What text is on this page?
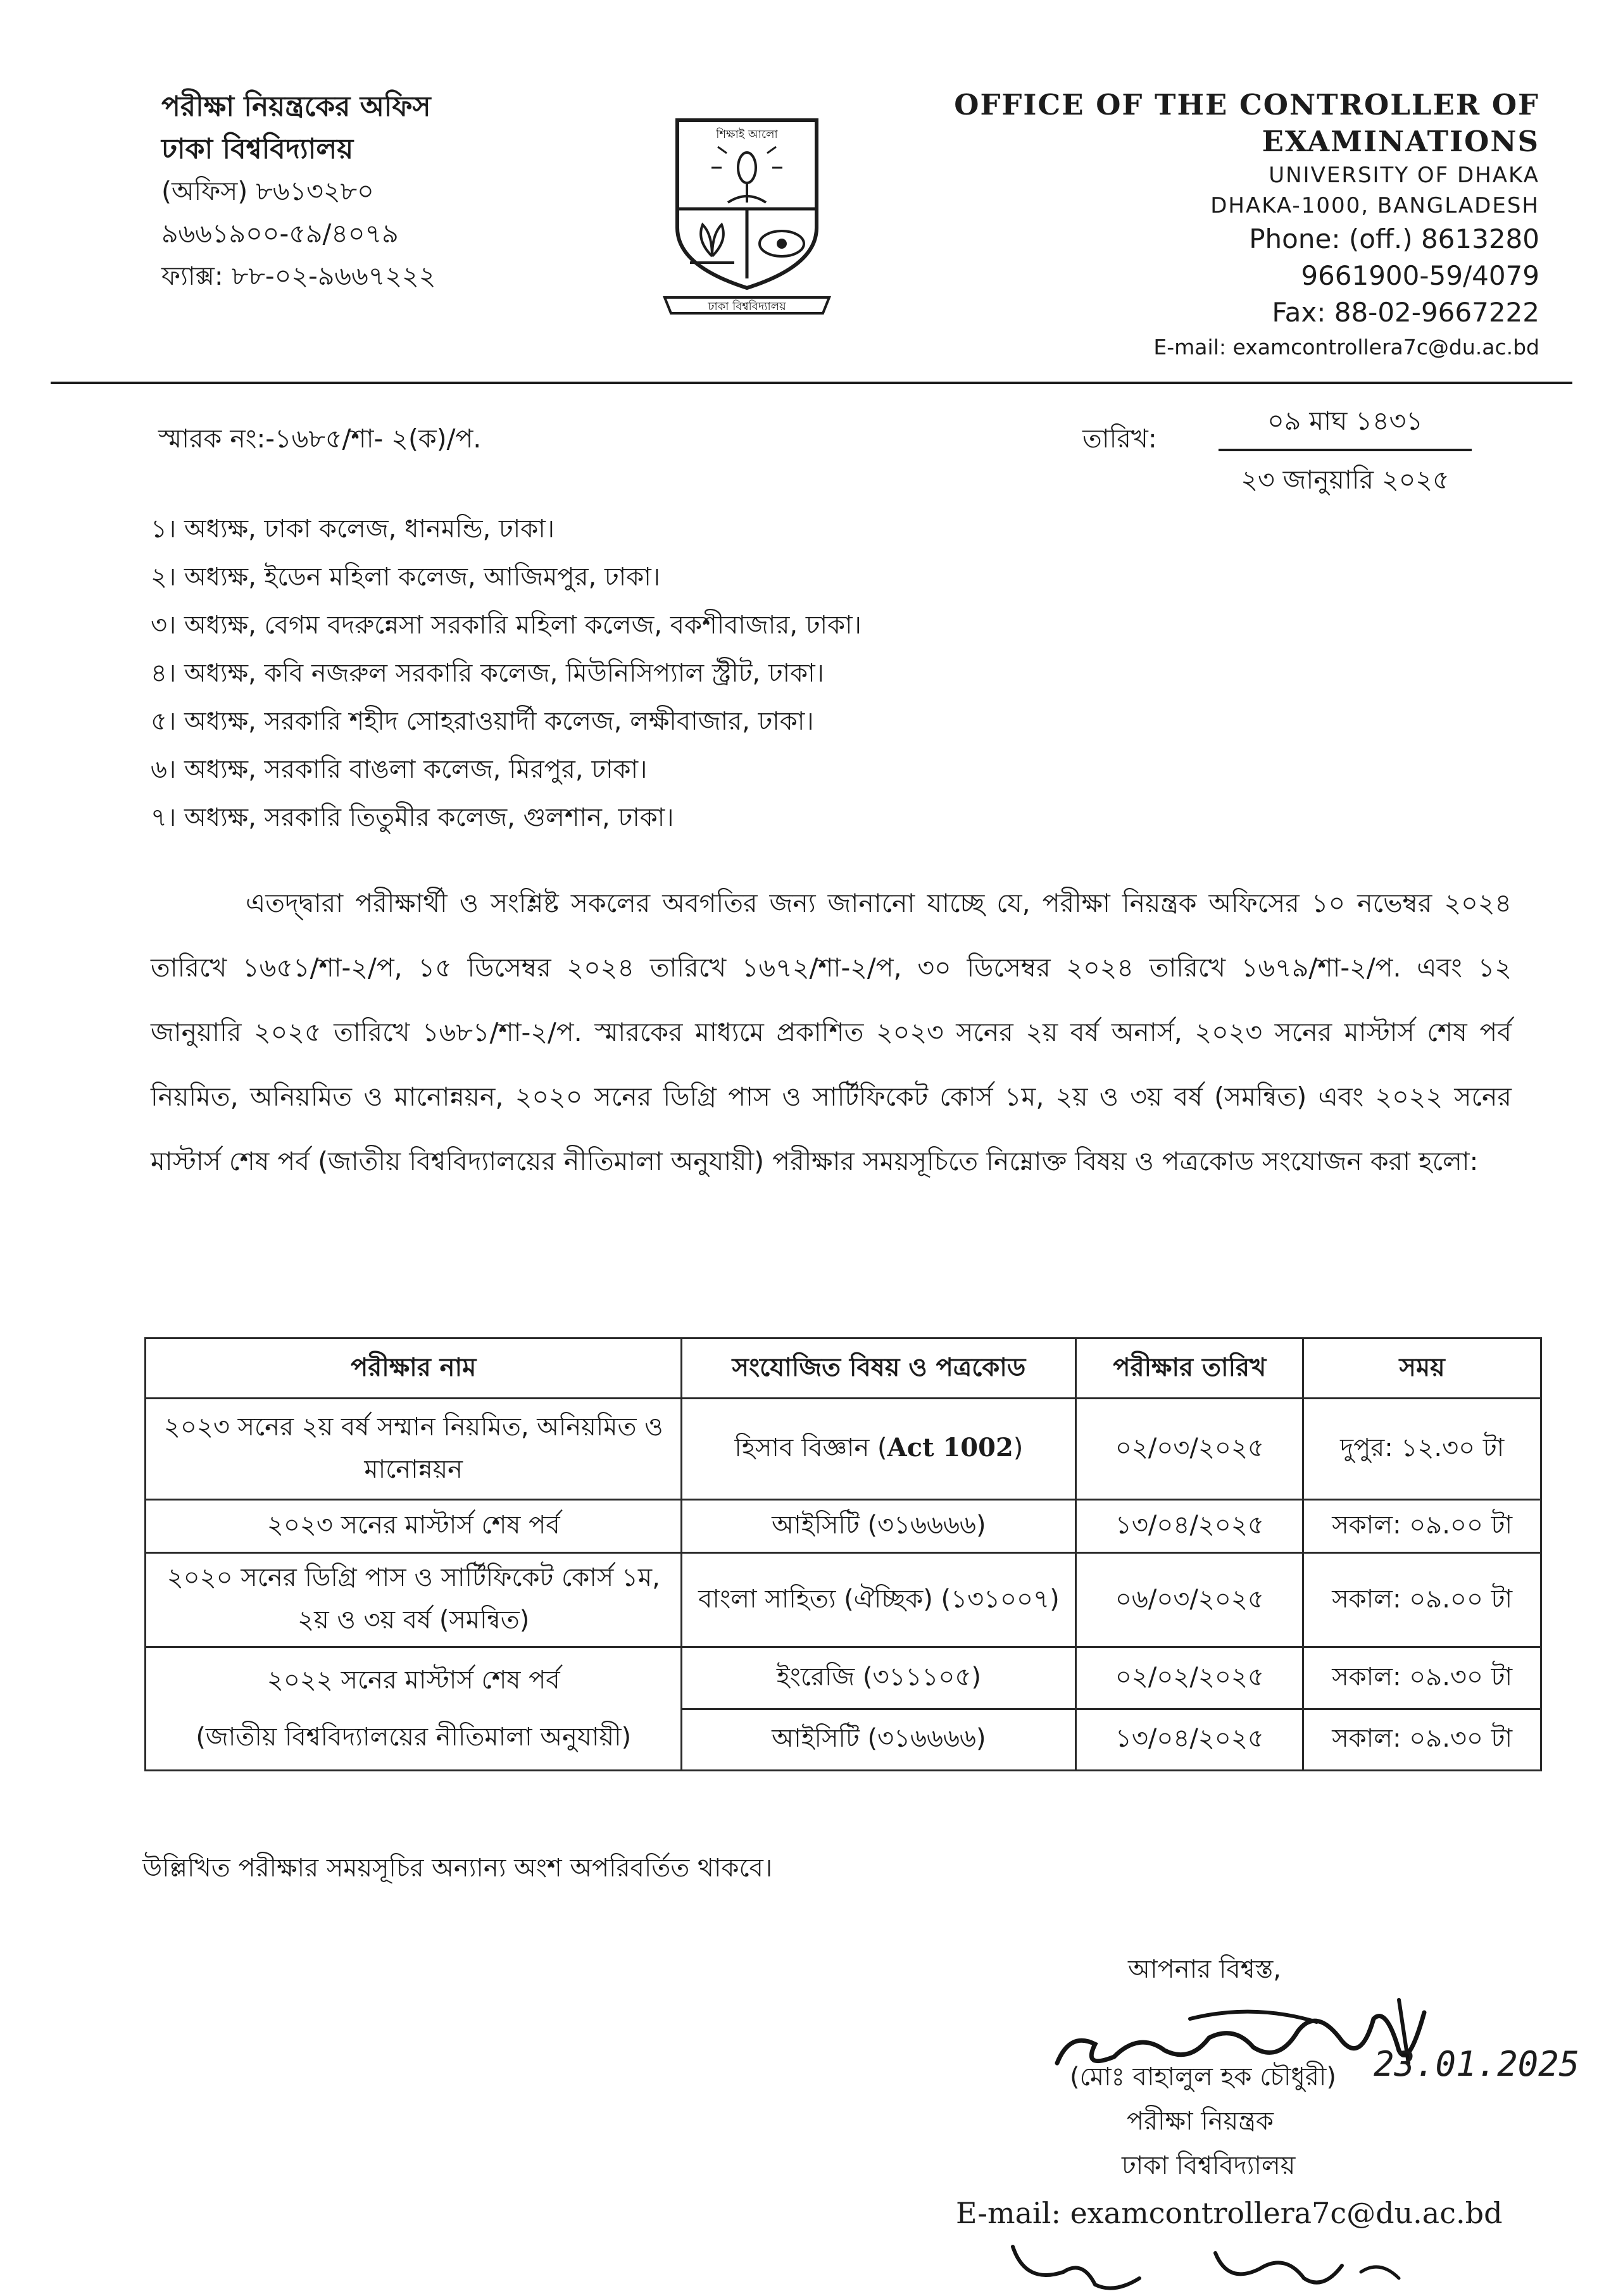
পরীক্ষা নিয়ন্ত্রকের অফিস
ঢাকা বিশ্ববিদ্যালয়
(অফিস) ৮৬১৩২৮০
৯৬৬১৯০০-৫৯/৪০৭৯
ফ্যাক্স: ৮৮-০২-৯৬৬৭২২২
ঢাকা বিশ্ববিদ্যালয়
শিক্ষাই আলো
OFFICE OF THE CONTROLLER OF
EXAMINATIONS
UNIVERSITY OF DHAKA
DHAKA-1000, BANGLADESH
Phone: (off.) 8613280
9661900-59/4079
Fax: 88-02-9667222
E-mail: examcontrollera7c@du.ac.bd
স্মারক নং:-১৬৮৫/শা- ২(ক)/প.	তারিখ:
০৯ মাঘ ১৪৩১
২৩ জানুয়ারি ২০২৫
১। অধ্যক্ষ, ঢাকা কলেজ, ধানমন্ডি, ঢাকা।
২। অধ্যক্ষ, ইডেন মহিলা কলেজ, আজিমপুর, ঢাকা।
৩। অধ্যক্ষ, বেগম বদরুন্নেসা সরকারি মহিলা কলেজ, বকশীবাজার, ঢাকা।
৪। অধ্যক্ষ, কবি নজরুল সরকারি কলেজ, মিউনিসিপ্যাল স্ট্রীট, ঢাকা।
৫। অধ্যক্ষ, সরকারি শহীদ সোহরাওয়ার্দী কলেজ, লক্ষীবাজার, ঢাকা।
৬। অধ্যক্ষ, সরকারি বাঙলা কলেজ, মিরপুর, ঢাকা।
৭। অধ্যক্ষ, সরকারি তিতুমীর কলেজ, গুলশান, ঢাকা।

এতদ্দ্বারা পরীক্ষার্থী ও সংশ্লিষ্ট সকলের অবগতির জন্য জানানো যাচ্ছে যে, পরীক্ষা নিয়ন্ত্রক অফিসের ১০ নভেম্বর ২০২৪ তারিখে ১৬৫১/শা-২/প, ১৫ ডিসেম্বর ২০২৪ তারিখে ১৬৭২/শা-২/প, ৩০ ডিসেম্বর ২০২৪ তারিখে ১৬৭৯/শা-২/প. এবং ১২ জানুয়ারি ২০২৫ তারিখে ১৬৮১/শা-২/প. স্মারকের মাধ্যমে প্রকাশিত ২০২৩ সনের ২য় বর্ষ অনার্স, ২০২৩ সনের মাস্টার্স শেষ পর্ব নিয়মিত, অনিয়মিত ও মানোন্নয়ন, ২০২০ সনের ডিগ্রি পাস ও সার্টিফিকেট কোর্স ১ম, ২য় ও ৩য় বর্ষ (সমন্বিত) এবং ২০২২ সনের মাস্টার্স শেষ পর্ব (জাতীয় বিশ্ববিদ্যালয়ের নীতিমালা অনুযায়ী) পরীক্ষার সময়সূচিতে নিম্নোক্ত বিষয় ও পত্রকোড সংযোজন করা হলো:

পরীক্ষার নাম	সংযোজিত বিষয় ও পত্রকোড	পরীক্ষার তারিখ	সময়
২০২৩ সনের ২য় বর্ষ সম্মান নিয়মিত, অনিয়মিত ও মানোন্নয়ন	হিসাব বিজ্ঞান (Act 1002)	০২/০৩/২০২৫	দুপুর: ১২.৩০ টা
২০২৩ সনের মাস্টার্স শেষ পর্ব	আইসিটি (৩১৬৬৬৬)	১৩/০৪/২০২৫	সকাল: ০৯.০০ টা
২০২০ সনের ডিগ্রি পাস ও সার্টিফিকেট কোর্স ১ম, ২য় ও ৩য় বর্ষ (সমন্বিত)	বাংলা সাহিত্য (ঐচ্ছিক) (১৩১০০৭)	০৬/০৩/২০২৫	সকাল: ০৯.০০ টা

২০২২ সনের মাস্টার্স শেষ পর্ব
(জাতীয় বিশ্ববিদ্যালয়ের নীতিমালা অনুযায়ী)	ইংরেজি (৩১১১০৫)	০২/০২/২০২৫	সকাল: ০৯.৩০ টা
	আইসিটি (৩১৬৬৬৬)	১৩/০৪/২০২৫	সকাল: ০৯.৩০ টা
উল্লিখিত পরীক্ষার সময়সূচির অন্যান্য অংশ অপরিবর্তিত থাকবে।
আপনার বিশ্বস্ত,
(মোঃ বাহালুল হক চৌধুরী) 23.01.2025
পরীক্ষা নিয়ন্ত্রক
ঢাকা বিশ্ববিদ্যালয়
E-mail: examcontrollera7c@du.ac.bd
